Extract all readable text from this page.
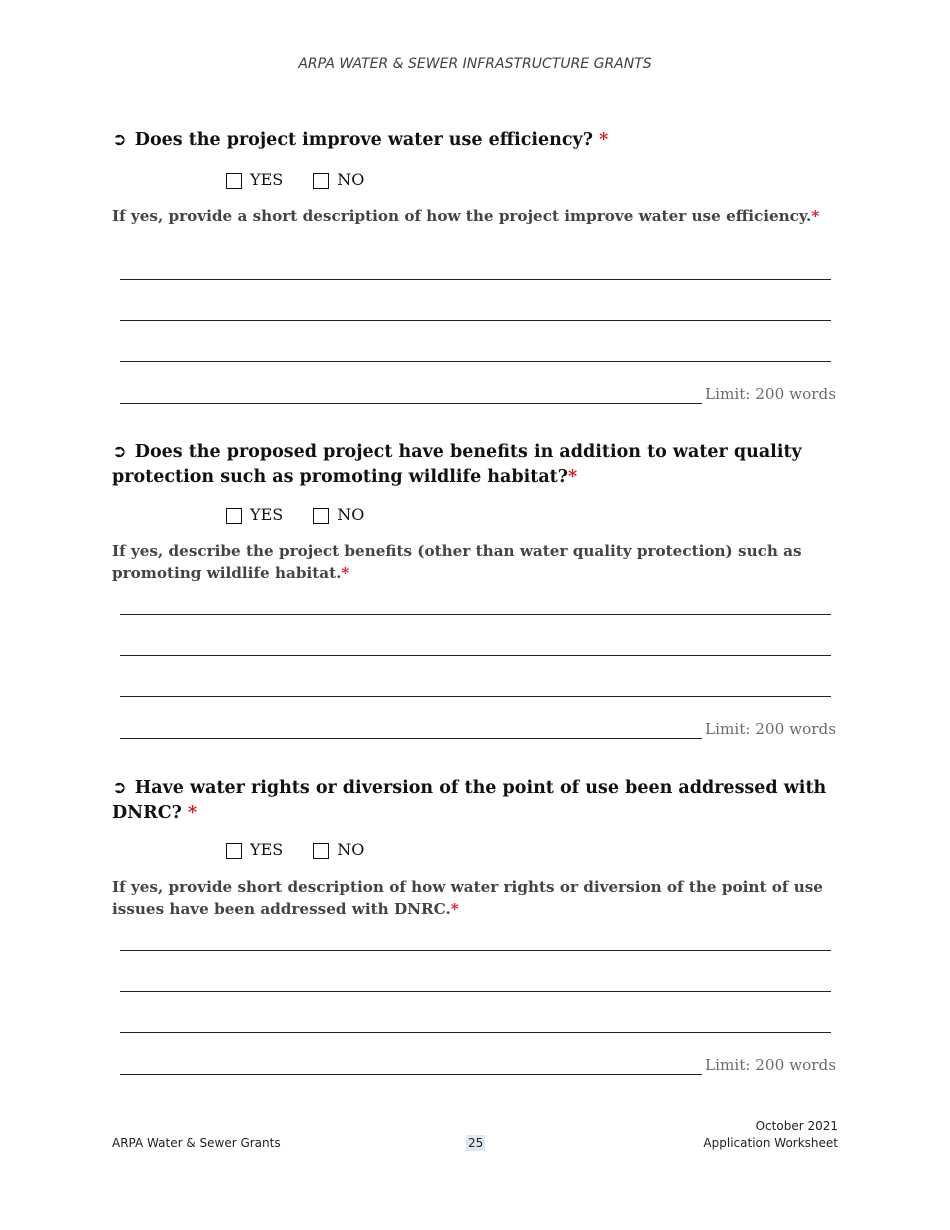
ARPA WATER & SEWER INFRASTRUCTURE GRANTS
➲ Does the project improve water use efficiency? *
YES	NO
If yes, provide a short description of how the project improve water use efficiency.*
Limit: 200 words
➲ Does the proposed project have benefits in addition to water quality protection such as promoting wildlife habitat?*
YES	NO
If yes, describe the project benefits (other than water quality protection) such as promoting wildlife habitat.*
Limit: 200 words
➲ Have water rights or diversion of the point of use been addressed with DNRC? *
YES	NO
If yes, provide short description of how water rights or diversion of the point of use issues have been addressed with DNRC.*
Limit: 200 words
ARPA Water & Sewer Grants	25
October 2021
Application Worksheet
